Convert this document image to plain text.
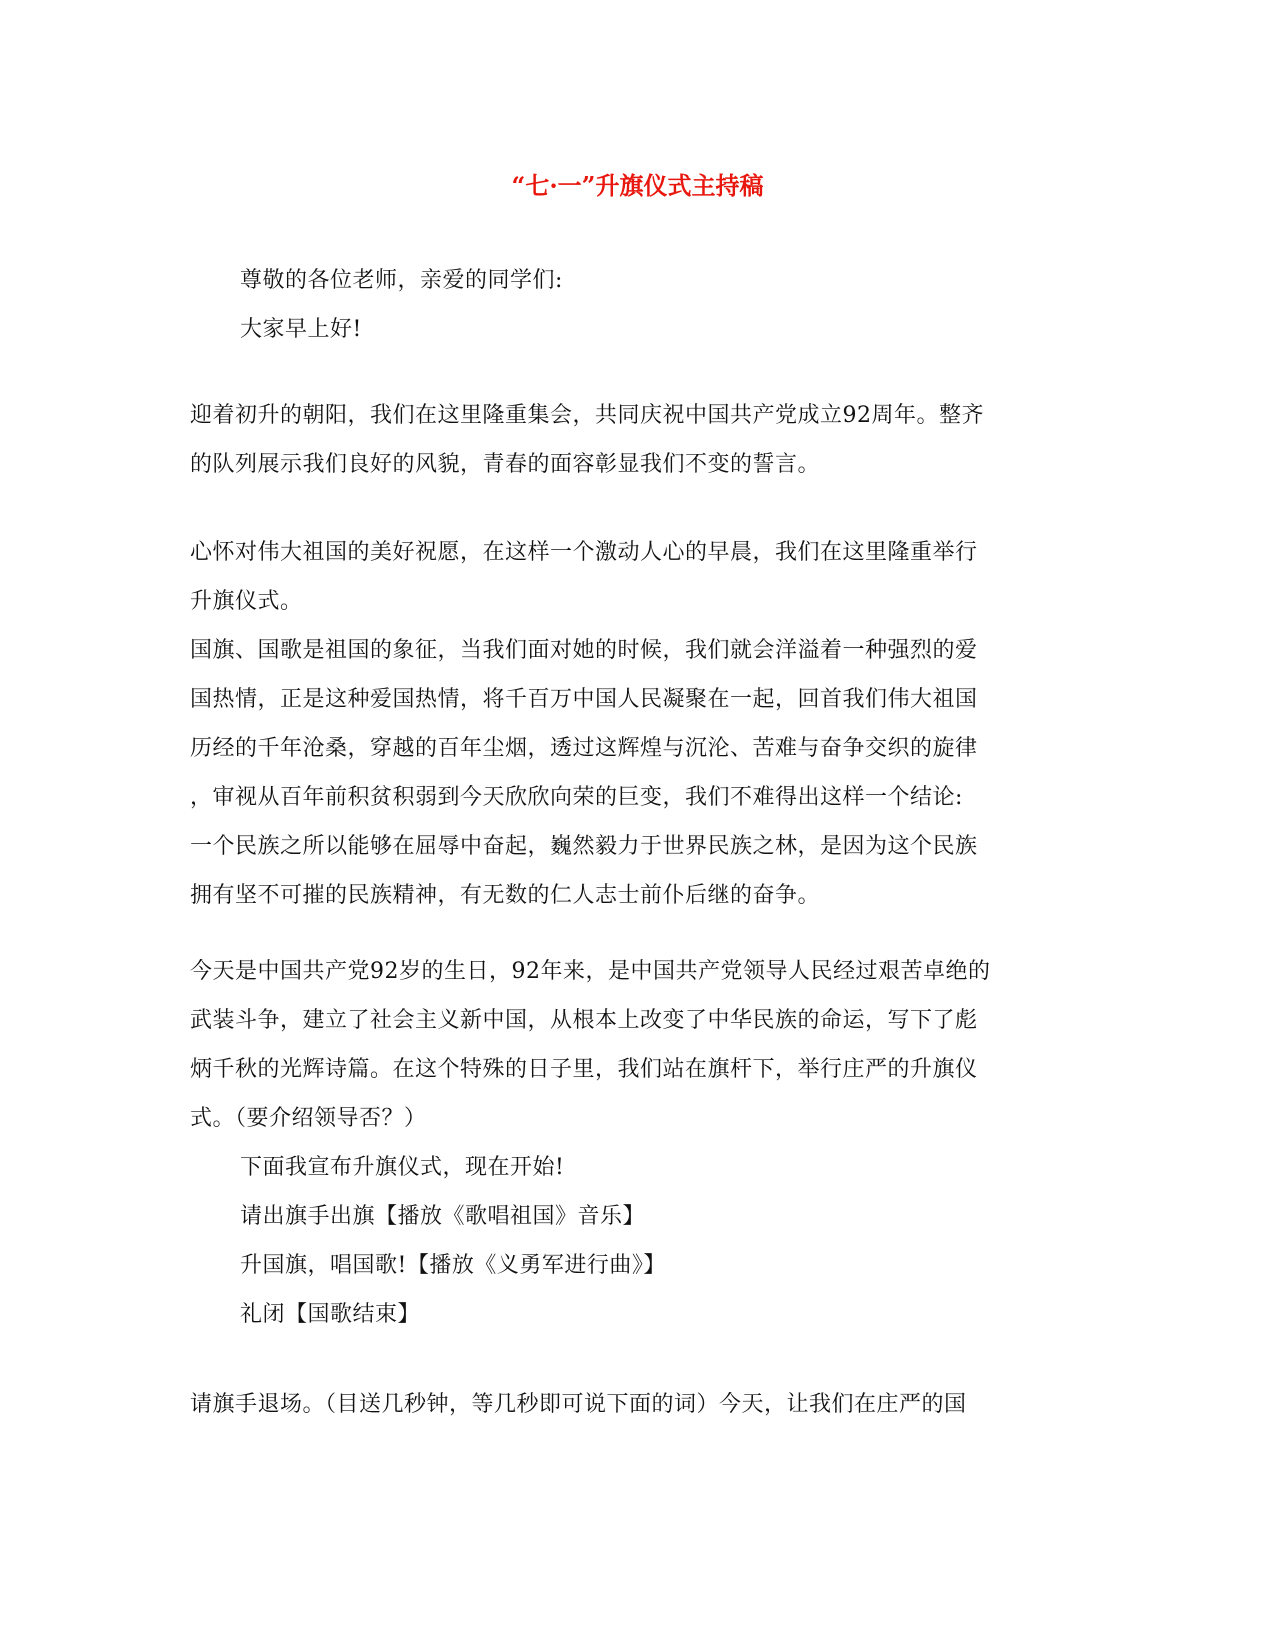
“七·一”升旗仪式主持稿
尊敬的各位老师，亲爱的同学们:
大家早上好!
迎着初升的朝阳，我们在这里隆重集会，共同庆祝中国共产党成立92周年。整齐
的队列展示我们良好的风貌，青春的面容彰显我们不变的誓言。
心怀对伟大祖国的美好祝愿，在这样一个激动人心的早晨，我们在这里隆重举行
升旗仪式。
国旗、国歌是祖国的象征，当我们面对她的时候，我们就会洋溢着一种强烈的爱
国热情，正是这种爱国热情，将千百万中国人民凝聚在一起，回首我们伟大祖国
历经的千年沧桑，穿越的百年尘烟，透过这辉煌与沉沦、苦难与奋争交织的旋律
，审视从百年前积贫积弱到今天欣欣向荣的巨变，我们不难得出这样一个结论:
一个民族之所以能够在屈辱中奋起，巍然毅力于世界民族之林，是因为这个民族
拥有坚不可摧的民族精神，有无数的仁人志士前仆后继的奋争。
今天是中国共产党92岁的生日，92年来，是中国共产党领导人民经过艰苦卓绝的
武装斗争，建立了社会主义新中国，从根本上改变了中华民族的命运，写下了彪
炳千秋的光辉诗篇。在这个特殊的日子里，我们站在旗杆下，举行庄严的升旗仪
式。（要介绍领导否？）
下面我宣布升旗仪式，现在开始!
请出旗手出旗【播放《歌唱祖国》音乐】
升国旗，唱国歌!【播放《义勇军进行曲》】
礼闭【国歌结束】
请旗手退场。（目送几秒钟，等几秒即可说下面的词）今天，让我们在庄严的国
